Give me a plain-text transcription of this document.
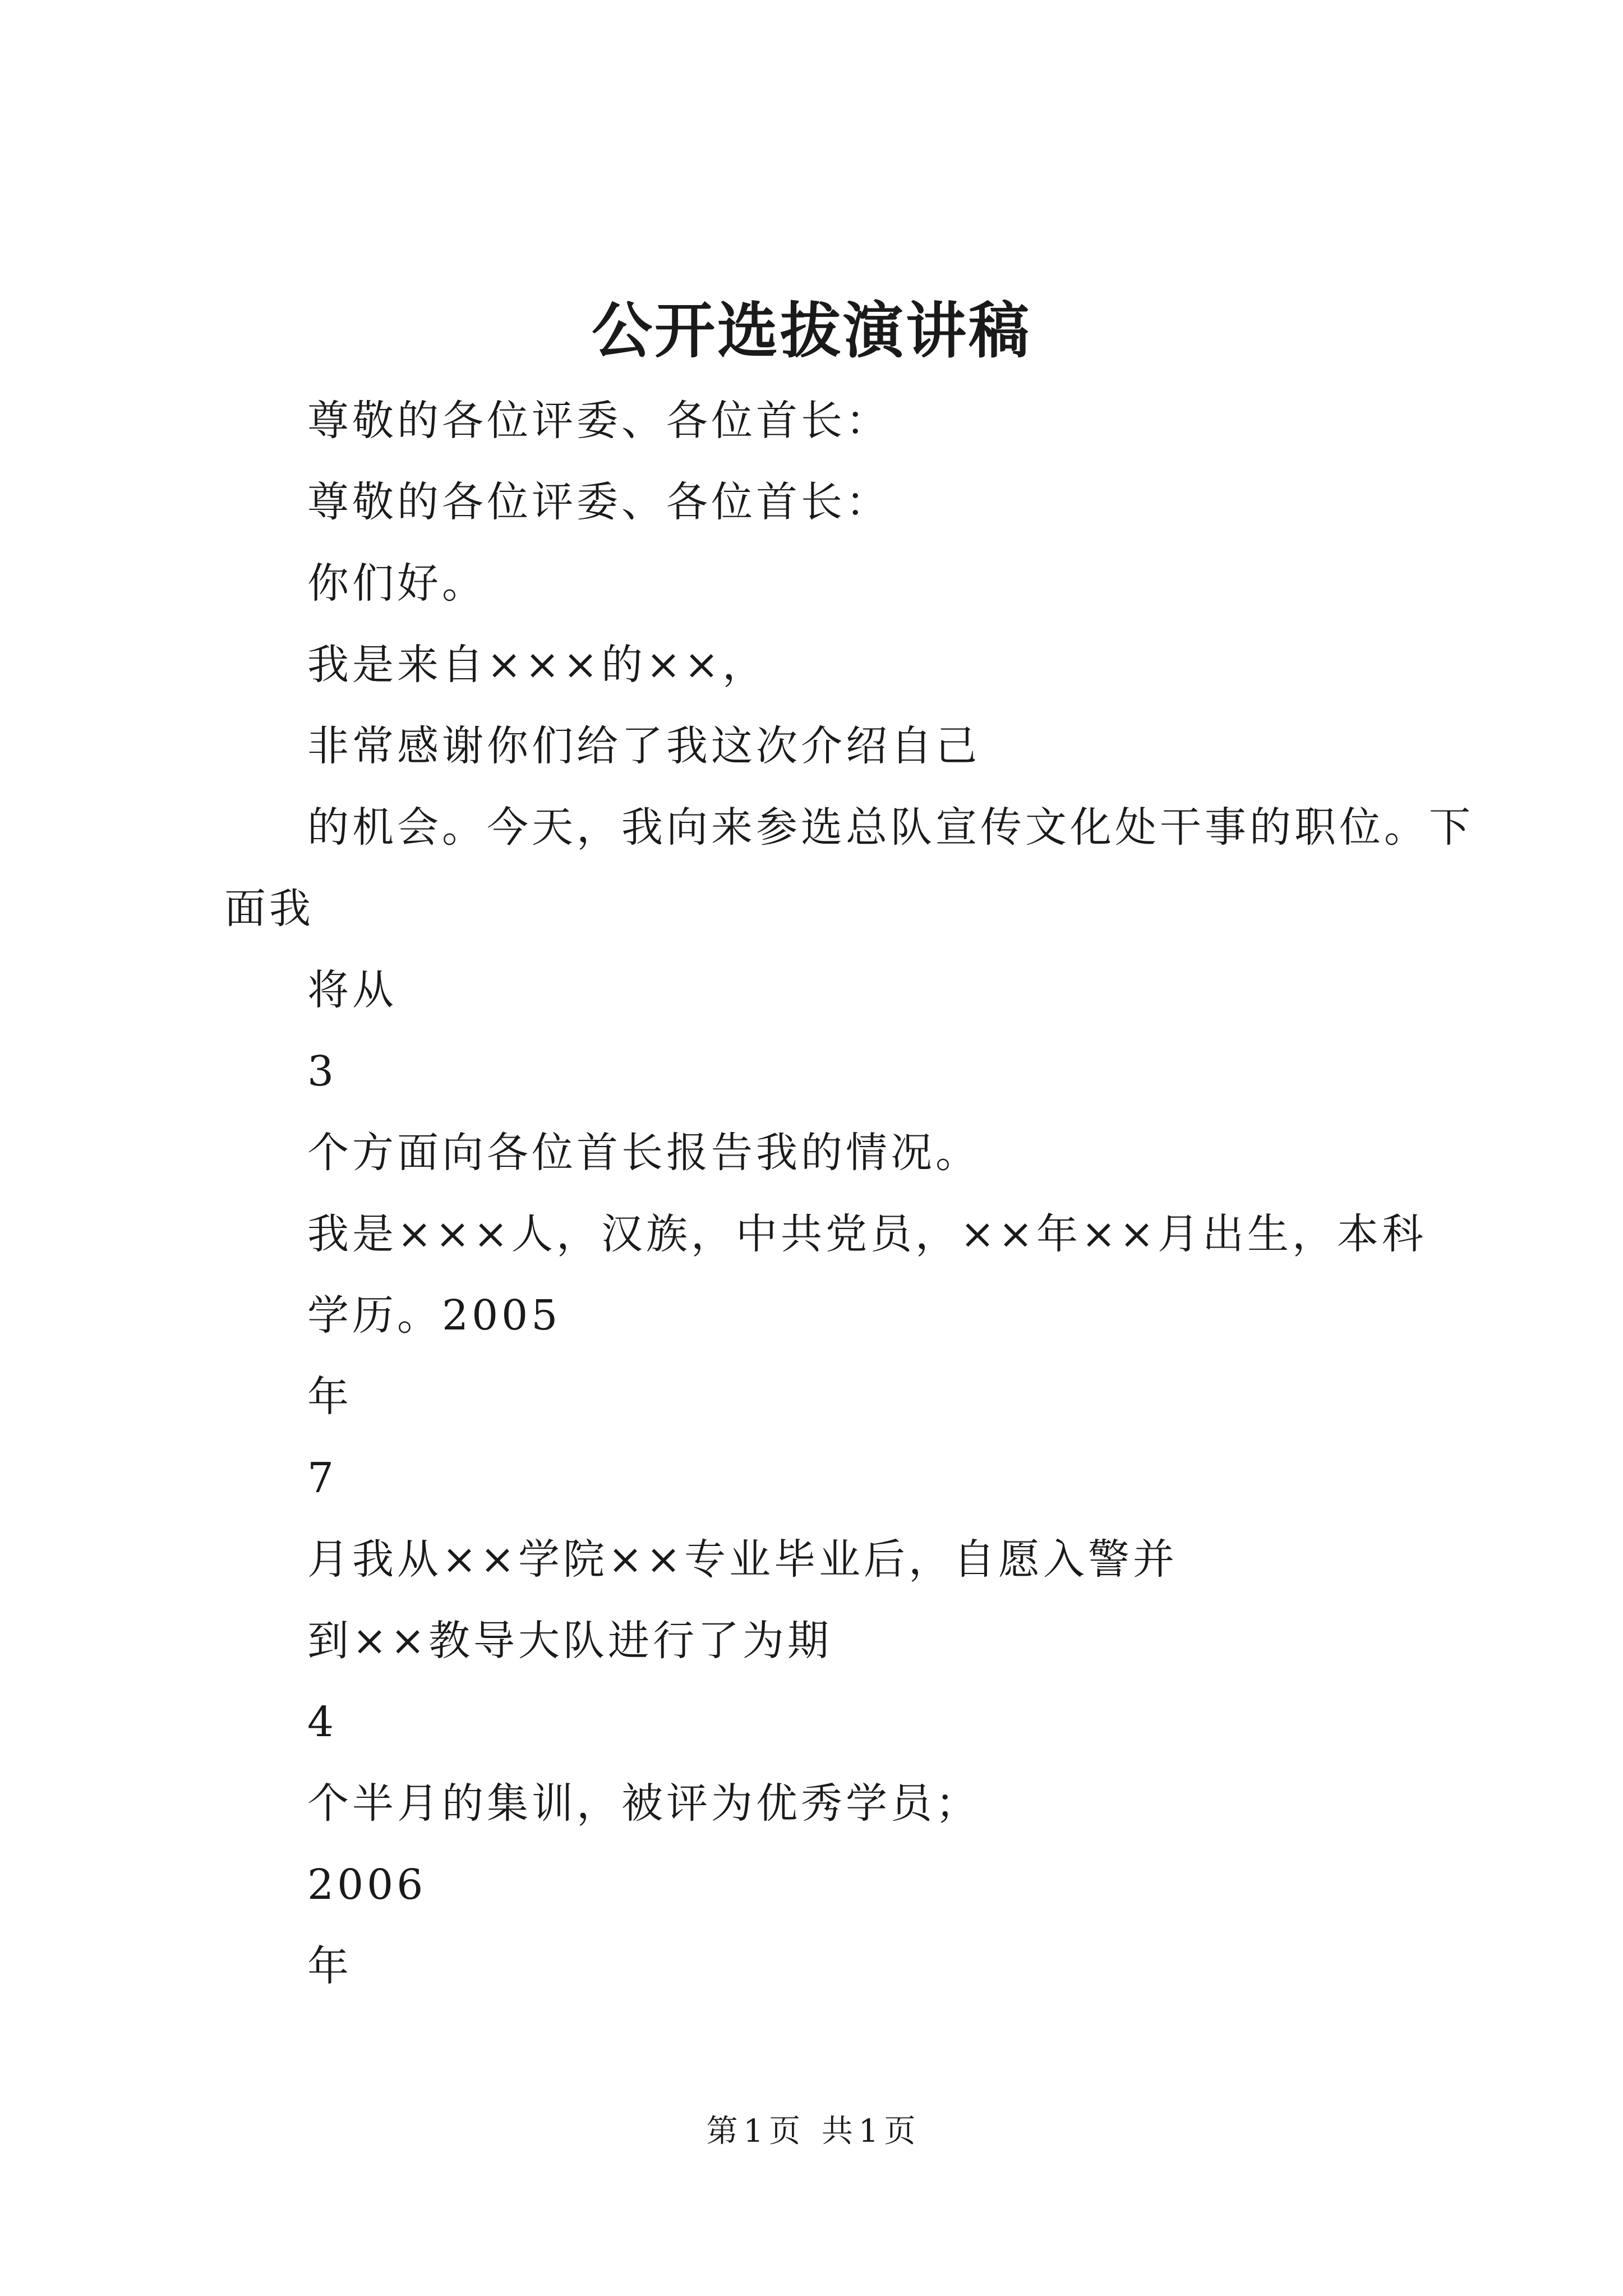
公开选拔演讲稿
尊敬的各位评委、各位首长：
尊敬的各位评委、各位首长：
你们好。
我是来自×××的××，
非常感谢你们给了我这次介绍自己
的机会。今天，我向来参选总队宣传文化处干事的职位。下
面我
将从
3
个方面向各位首长报告我的情况。
我是×××人，汉族，中共党员，××年××月出生，本科
学历。2005
年
7
月我从××学院××专业毕业后，自愿入警并
到××教导大队进行了为期
4
个半月的集训，被评为优秀学员；
2006
年
第 1 页 共 1 页
